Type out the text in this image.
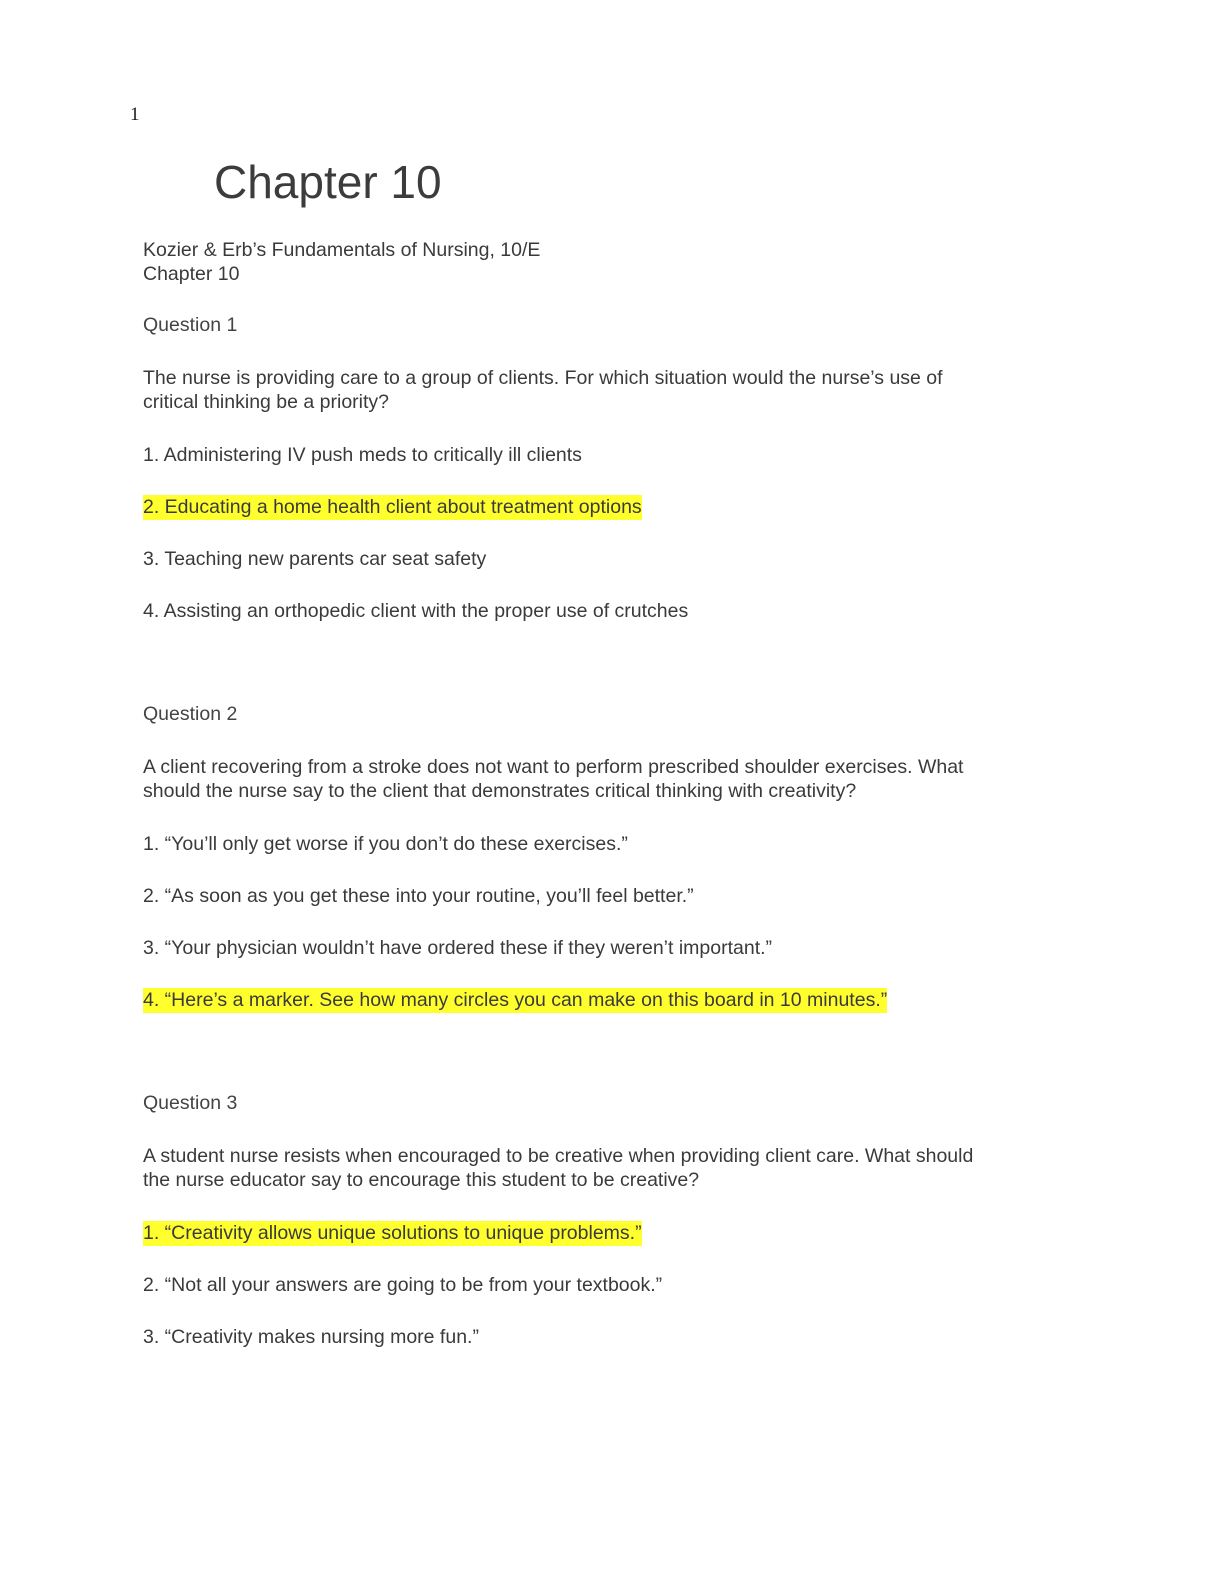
1
Chapter 10
Kozier & Erb’s Fundamentals of Nursing, 10/E
Chapter 10
Question 1
The nurse is providing care to a group of clients. For which situation would the nurse’s use of
critical thinking be a priority?
1. Administering IV push meds to critically ill clients
2. Educating a home health client about treatment options
3. Teaching new parents car seat safety
4. Assisting an orthopedic client with the proper use of crutches
Question 2
A client recovering from a stroke does not want to perform prescribed shoulder exercises. What
should the nurse say to the client that demonstrates critical thinking with creativity?
1. “You’ll only get worse if you don’t do these exercises.”
2. “As soon as you get these into your routine, you’ll feel better.”
3. “Your physician wouldn’t have ordered these if they weren’t important.”
4. “Here’s a marker. See how many circles you can make on this board in 10 minutes.”
Question 3
A student nurse resists when encouraged to be creative when providing client care. What should
the nurse educator say to encourage this student to be creative?
1. “Creativity allows unique solutions to unique problems.”
2. “Not all your answers are going to be from your textbook.”
3. “Creativity makes nursing more fun.”
